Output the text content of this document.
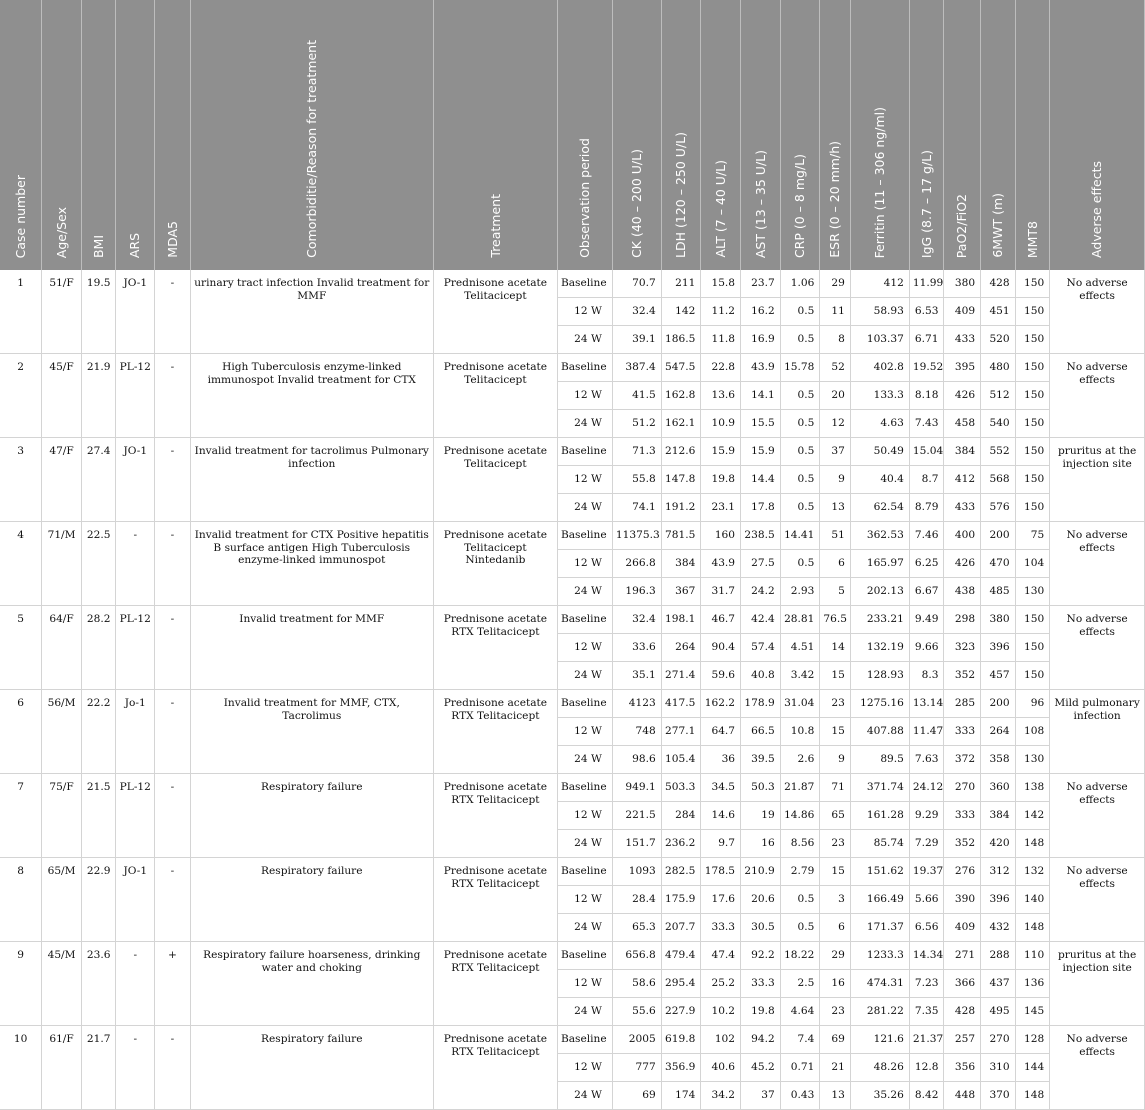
Case number	Age/Sex	BMI	ARS	MDA5	Comorbiditie/Reason for treatment	Treatment	Observation period	CK (40 – 200 U/L)	LDH (120 – 250 U/L)	ALT (7 – 40 U/L)	AST (13 – 35 U/L)	CRP (0 – 8 mg/L)	ESR (0 – 20 mm/h)	Ferritin (11 – 306 ng/ml)	IgG (8.7 – 17 g/L)	PaO2/FiO2	6MWT (m)	MMT8	Adverse effects

1	51/F	19.5	JO-1	-	urinary tract infection Invalid treatment for MMF	Prednisone acetate Telitacicept	Baseline	70.7	211	15.8	23.7	1.06	29	412	11.99	380	428	150	No adverse effects
							12 W	32.4	142	11.2	16.2	0.5	11	58.93	6.53	409	451	150	
							24 W	39.1	186.5	11.8	16.9	0.5	8	103.37	6.71	433	520	150	
2	45/F	21.9	PL-12	-	High Tuberculosis enzyme-linked immunospot Invalid treatment for CTX	Prednisone acetate Telitacicept	Baseline	387.4	547.5	22.8	43.9	15.78	52	402.8	19.52	395	480	150	No adverse effects
							12 W	41.5	162.8	13.6	14.1	0.5	20	133.3	8.18	426	512	150	
							24 W	51.2	162.1	10.9	15.5	0.5	12	4.63	7.43	458	540	150	
3	47/F	27.4	JO-1	-	Invalid treatment for tacrolimus Pulmonary infection	Prednisone acetate Telitacicept	Baseline	71.3	212.6	15.9	15.9	0.5	37	50.49	15.04	384	552	150	pruritus at the injection site
							12 W	55.8	147.8	19.8	14.4	0.5	9	40.4	8.7	412	568	150	
							24 W	74.1	191.2	23.1	17.8	0.5	13	62.54	8.79	433	576	150	
4	71/M	22.5	-	-	Invalid treatment for CTX Positive hepatitis B surface antigen High Tuberculosis enzyme-linked immunospot	Prednisone acetate Telitacicept Nintedanib	Baseline	11375.3	781.5	160	238.5	14.41	51	362.53	7.46	400	200	75	No adverse effects
							12 W	266.8	384	43.9	27.5	0.5	6	165.97	6.25	426	470	104	
							24 W	196.3	367	31.7	24.2	2.93	5	202.13	6.67	438	485	130	
5	64/F	28.2	PL-12	-	Invalid treatment for MMF	Prednisone acetate RTX Telitacicept	Baseline	32.4	198.1	46.7	42.4	28.81	76.5	233.21	9.49	298	380	150	No adverse effects
							12 W	33.6	264	90.4	57.4	4.51	14	132.19	9.66	323	396	150	
							24 W	35.1	271.4	59.6	40.8	3.42	15	128.93	8.3	352	457	150	
6	56/M	22.2	Jo-1	-	Invalid treatment for MMF, CTX, Tacrolimus	Prednisone acetate RTX Telitacicept	Baseline	4123	417.5	162.2	178.9	31.04	23	1275.16	13.14	285	200	96	Mild pulmonary infection
							12 W	748	277.1	64.7	66.5	10.8	15	407.88	11.47	333	264	108	
							24 W	98.6	105.4	36	39.5	2.6	9	89.5	7.63	372	358	130	
7	75/F	21.5	PL-12	-	Respiratory failure	Prednisone acetate RTX Telitacicept	Baseline	949.1	503.3	34.5	50.3	21.87	71	371.74	24.12	270	360	138	No adverse effects
							12 W	221.5	284	14.6	19	14.86	65	161.28	9.29	333	384	142	
							24 W	151.7	236.2	9.7	16	8.56	23	85.74	7.29	352	420	148	
8	65/M	22.9	JO-1	-	Respiratory failure	Prednisone acetate RTX Telitacicept	Baseline	1093	282.5	178.5	210.9	2.79	15	151.62	19.37	276	312	132	No adverse effects
							12 W	28.4	175.9	17.6	20.6	0.5	3	166.49	5.66	390	396	140	
							24 W	65.3	207.7	33.3	30.5	0.5	6	171.37	6.56	409	432	148	
9	45/M	23.6	-	+	Respiratory failure hoarseness, drinking water and choking	Prednisone acetate RTX Telitacicept	Baseline	656.8	479.4	47.4	92.2	18.22	29	1233.3	14.34	271	288	110	pruritus at the injection site
							12 W	58.6	295.4	25.2	33.3	2.5	16	474.31	7.23	366	437	136	
							24 W	55.6	227.9	10.2	19.8	4.64	23	281.22	7.35	428	495	145	
10	61/F	21.7	-	-	Respiratory failure	Prednisone acetate RTX Telitacicept	Baseline	2005	619.8	102	94.2	7.4	69	121.6	21.37	257	270	128	No adverse effects
							12 W	777	356.9	40.6	45.2	0.71	21	48.26	12.8	356	310	144	
							24 W	69	174	34.2	37	0.43	13	35.26	8.42	448	370	148	
